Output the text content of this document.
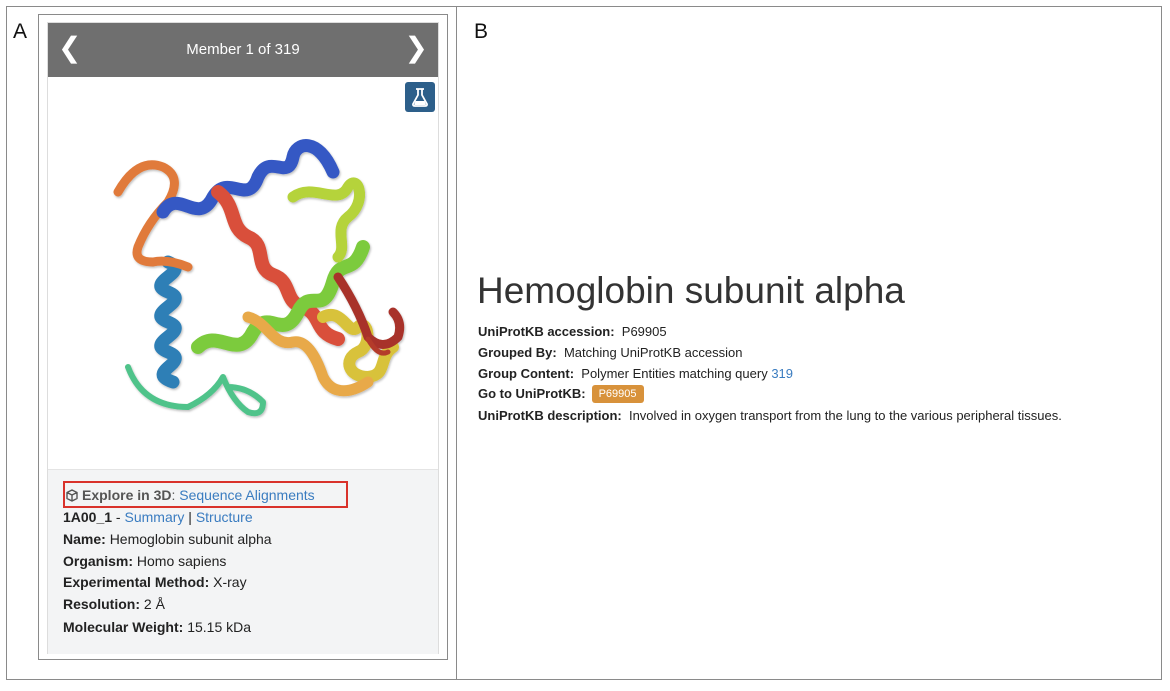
A	B
❮	Member 1 of 319	❯
Explore in 3D: Sequence Alignments
1A00_1 - Summary | Structure
Name: Hemoglobin subunit alpha
Organism: Homo sapiens
Experimental Method: X-ray
Resolution: 2 Å
Molecular Weight: 15.15 kDa
Hemoglobin subunit alpha
UniProtKB accession: P69905
Grouped By: Matching UniProtKB accession
Group Content: Polymer Entities matching query 319
Go to UniProtKB: P69905
UniProtKB description: Involved in oxygen transport from the lung to the various peripheral tissues.
